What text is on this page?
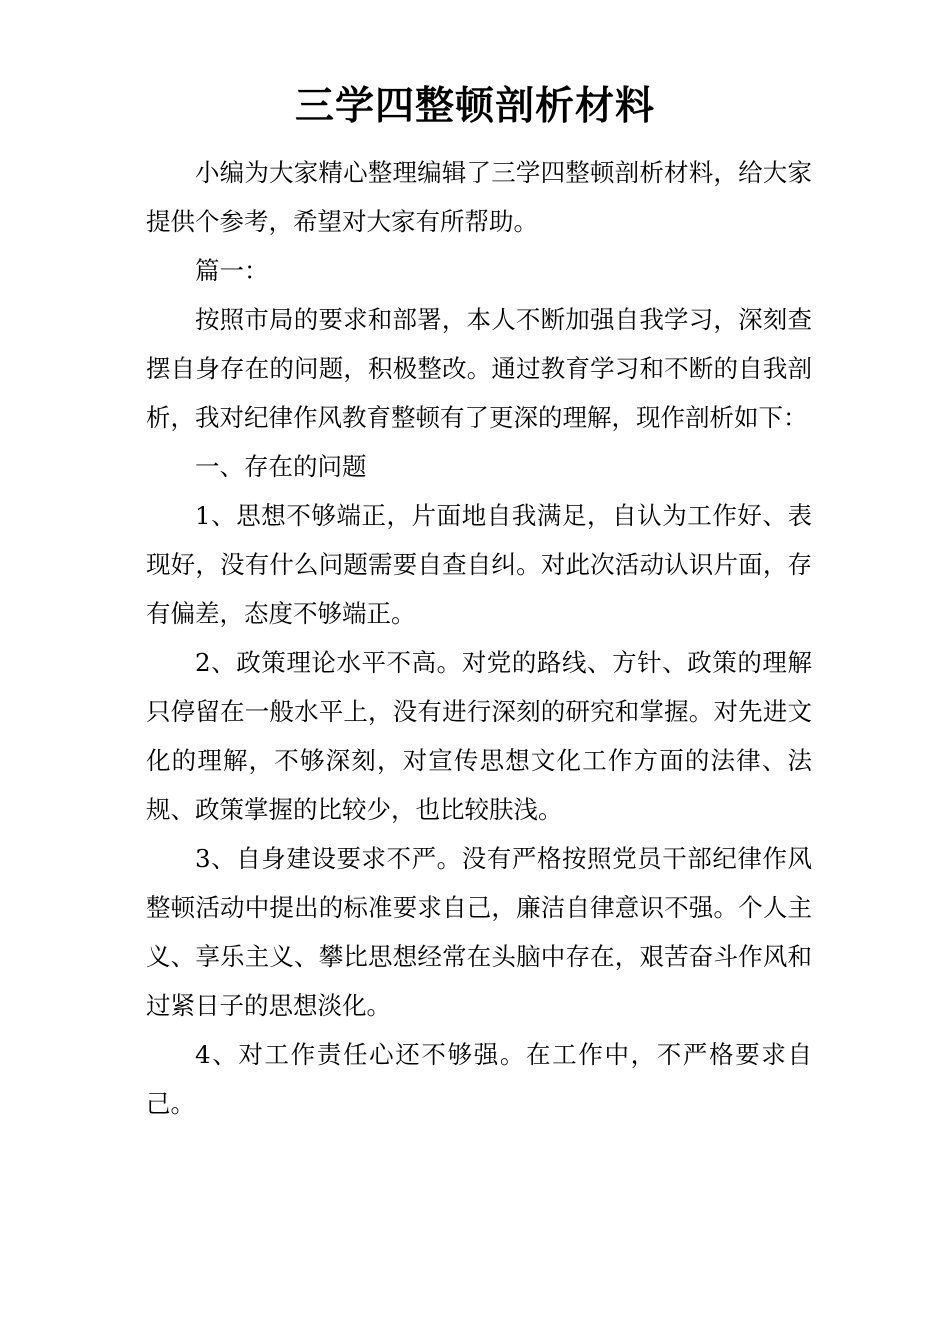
三学四整顿剖析材料

小编为大家精心整理编辑了三学四整顿剖析材料，给大家提供个参考，希望对大家有所帮助。

篇一：

按照市局的要求和部署，本人不断加强自我学习，深刻查摆自身存在的问题，积极整改。通过教育学习和不断的自我剖析，我对纪律作风教育整顿有了更深的理解，现作剖析如下：

一、存在的问题

1、思想不够端正，片面地自我满足，自认为工作好、表现好，没有什么问题需要自查自纠。对此次活动认识片面，存有偏差，态度不够端正。

2、政策理论水平不高。对党的路线、方针、政策的理解只停留在一般水平上，没有进行深刻的研究和掌握。对先进文化的理解，不够深刻，对宣传思想文化工作方面的法律、法规、政策掌握的比较少，也比较肤浅。

3、自身建设要求不严。没有严格按照党员干部纪律作风整顿活动中提出的标准要求自己，廉洁自律意识不强。个人主义、享乐主义、攀比思想经常在头脑中存在，艰苦奋斗作风和过紧日子的思想淡化。

4、对工作责任心还不够强。在工作中，不严格要求自己。
